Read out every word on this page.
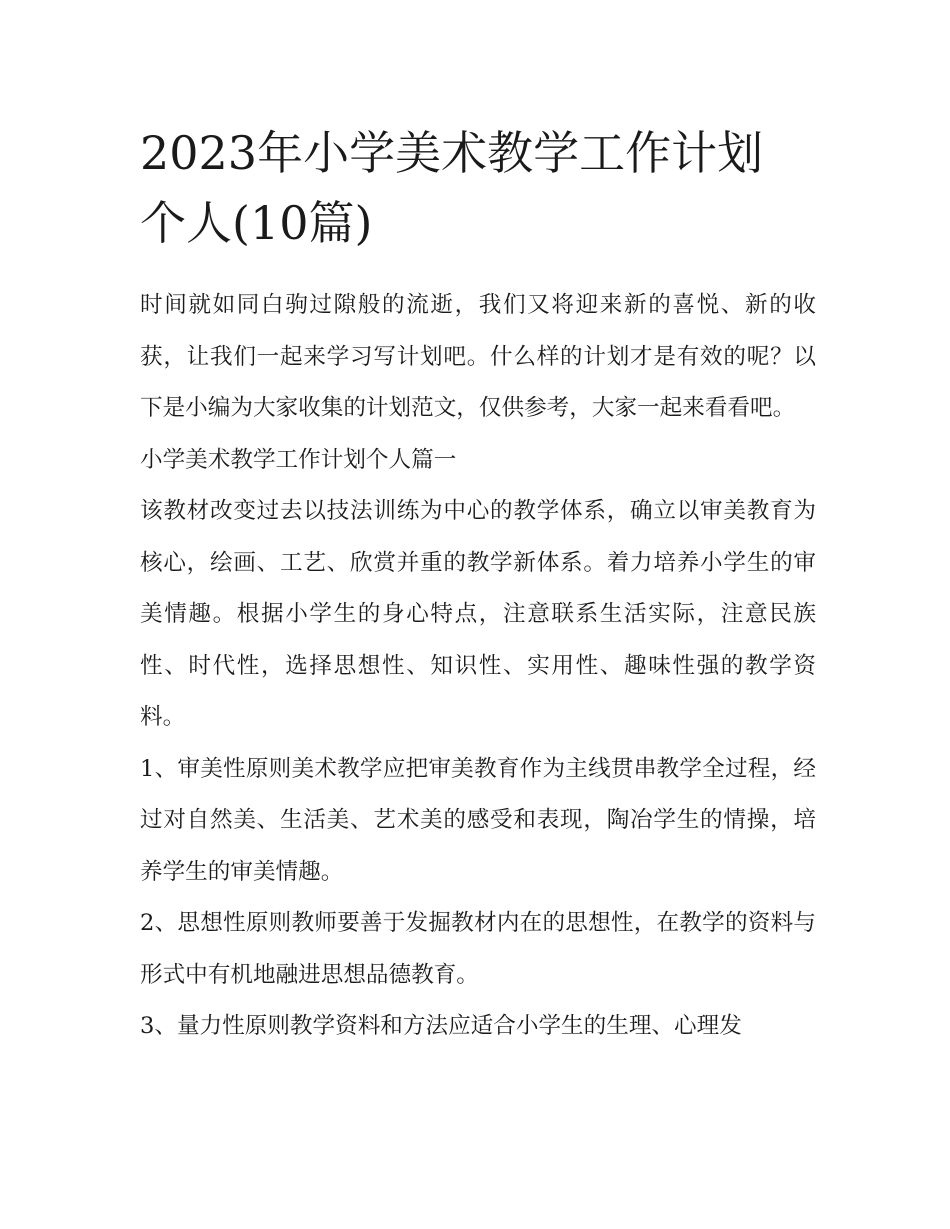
2023年小学美术教学工作计划
个人(10篇)

时间就如同白驹过隙般的流逝，我们又将迎来新的喜悦、新的收获，让我们一起来学习写计划吧。什么样的计划才是有效的呢？以下是小编为大家收集的计划范文，仅供参考，大家一起来看看吧。

小学美术教学工作计划个人篇一

该教材改变过去以技法训练为中心的教学体系，确立以审美教育为核心，绘画、工艺、欣赏并重的教学新体系。着力培养小学生的审美情趣。根据小学生的身心特点，注意联系生活实际，注意民族性、时代性，选择思想性、知识性、实用性、趣味性强的教学资料。

1、审美性原则美术教学应把审美教育作为主线贯串教学全过程，经过对自然美、生活美、艺术美的感受和表现，陶冶学生的情操，培养学生的审美情趣。

2、思想性原则教师要善于发掘教材内在的思想性，在教学的资料与形式中有机地融进思想品德教育。

3、量力性原则教学资料和方法应适合小学生的生理、心理发
